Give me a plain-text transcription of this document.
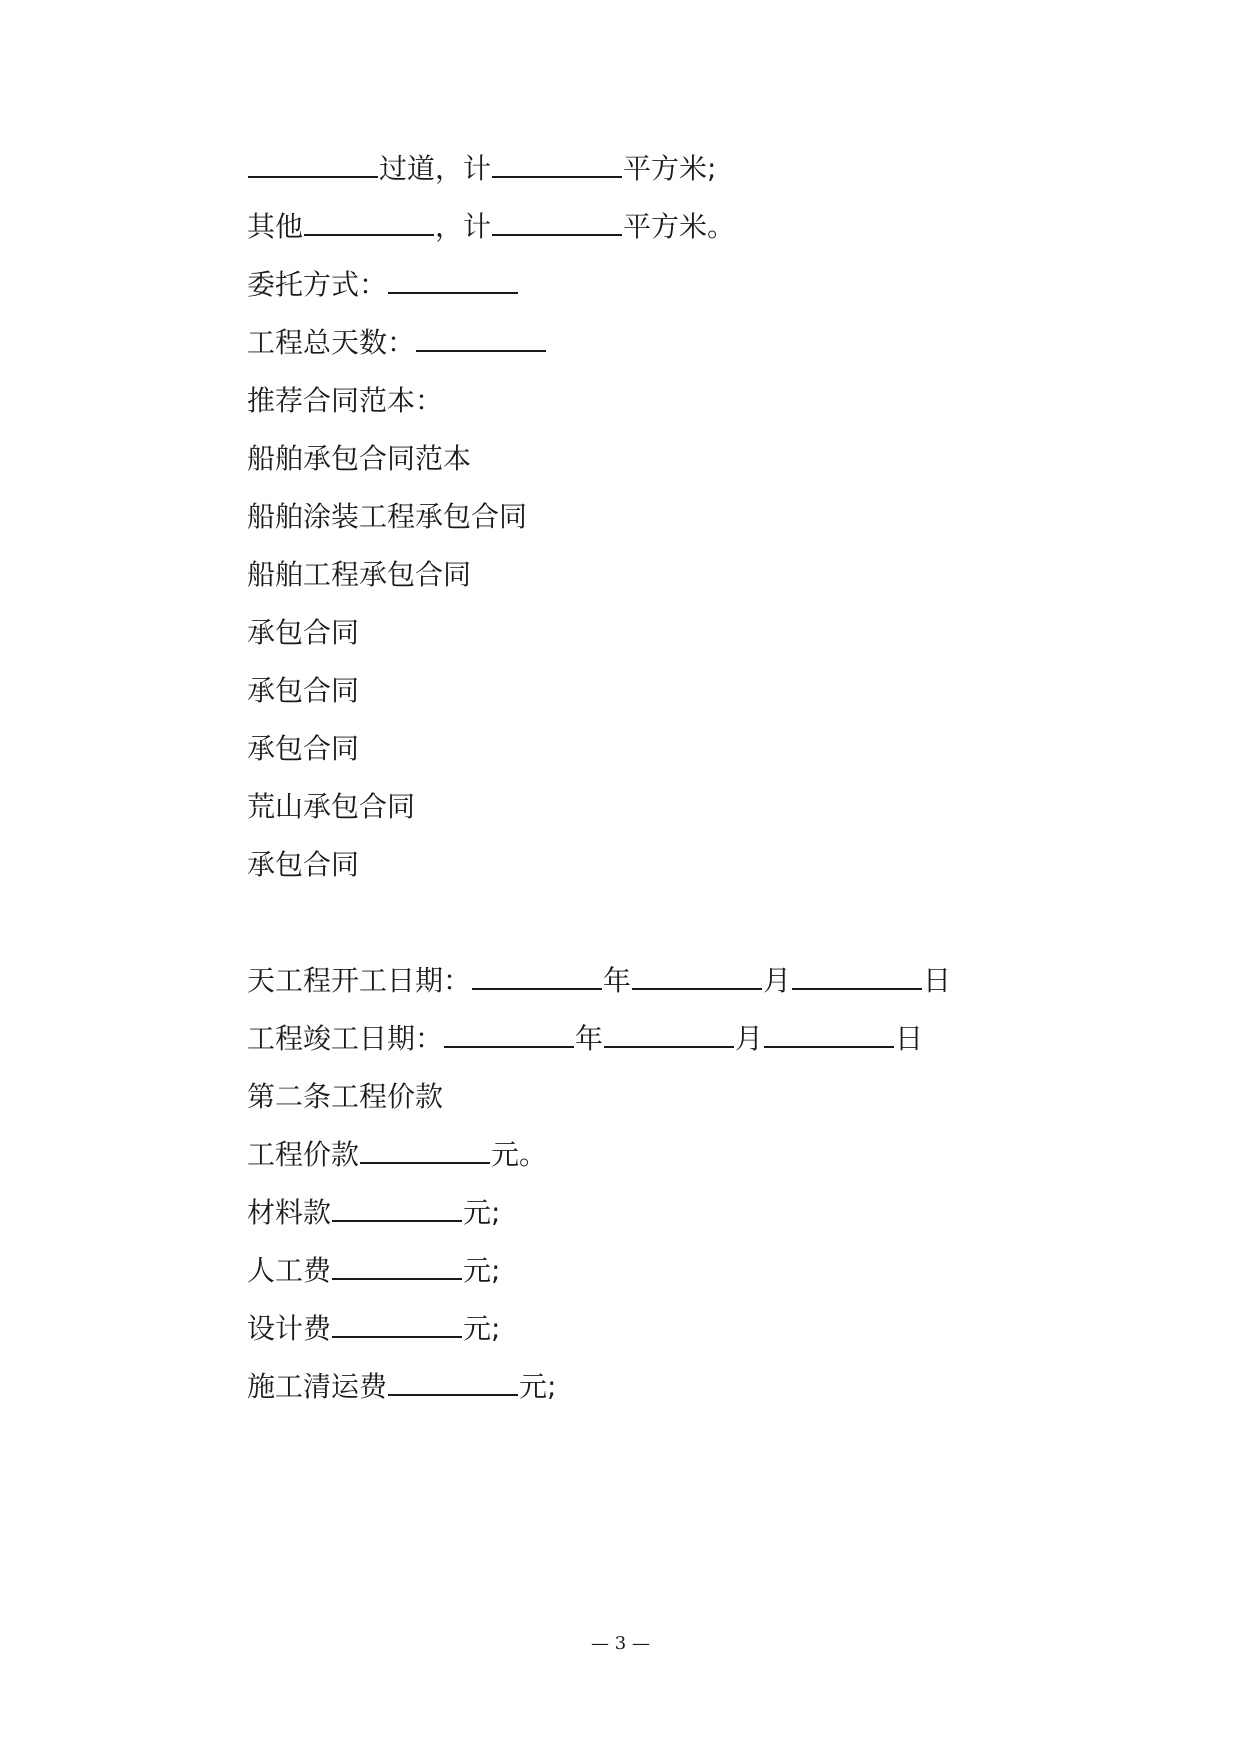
过道，计	平方米;
其他	，计	平方米。
委托方式：
工程总天数：
推荐合同范本：
船舶承包合同范本
船舶涂装工程承包合同
船舶工程承包合同
承包合同
承包合同
承包合同
荒山承包合同
承包合同
天工程开工日期：	年	月	日
工程竣工日期：	年	月	日
第二条工程价款
工程价款	元。
材料款	元;
人工费	元;
设计费	元;
施工清运费	元;
— 3 —
